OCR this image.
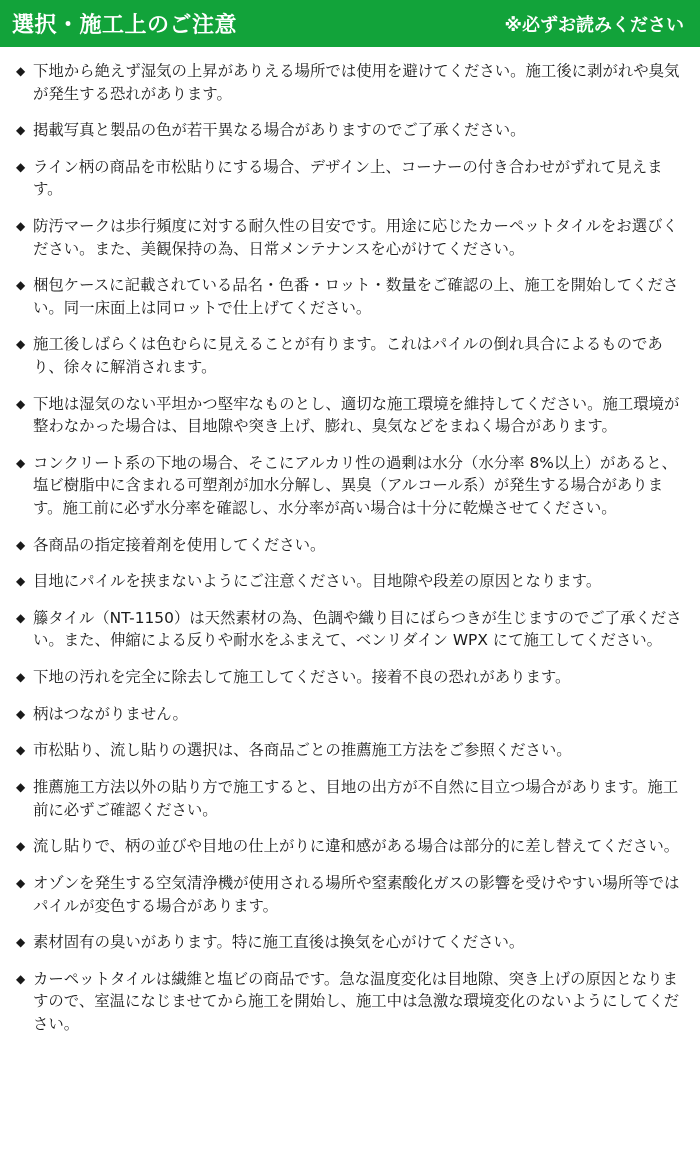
選択・施工上のご注意	※必ずお読みください
◆ 下地から絶えず湿気の上昇がありえる場所では使用を避けてください。施工後に剥がれや臭気が発生する恐れがあります。
◆ 掲載写真と製品の色が若干異なる場合がありますのでご了承ください。
◆ ライン柄の商品を市松貼りにする場合、デザイン上、コーナーの付き合わせがずれて見えます。
◆ 防汚マークは歩行頻度に対する耐久性の目安です。用途に応じたカーペットタイルをお選びください。また、美観保持の為、日常メンテナンスを心がけてください。
◆ 梱包ケースに記載されている品名・色番・ロット・数量をご確認の上、施工を開始してください。同一床面上は同ロットで仕上げてください。
◆ 施工後しばらくは色むらに見えることが有ります。これはパイルの倒れ具合によるものであり、徐々に解消されます。
◆ 下地は湿気のない平坦かつ堅牢なものとし、適切な施工環境を維持してください。施工環境が整わなかった場合は、目地隙や突き上げ、膨れ、臭気などをまねく場合があります。
◆ コンクリート系の下地の場合、そこにアルカリ性の過剰は水分（水分率 8%以上）があると、塩ビ樹脂中に含まれる可塑剤が加水分解し、異臭（アルコール系）が発生する場合があります。施工前に必ず水分率を確認し、水分率が高い場合は十分に乾燥させてください。
◆ 各商品の指定接着剤を使用してください。
◆ 目地にパイルを挟まないようにご注意ください。目地隙や段差の原因となります。
◆ 籐タイル（NT-1150）は天然素材の為、色調や織り目にばらつきが生じますのでご了承ください。また、伸縮による反りや耐水をふまえて、ベンリダイン WPX にて施工してください。
◆ 下地の汚れを完全に除去して施工してください。接着不良の恐れがあります。
◆ 柄はつながりません。
◆ 市松貼り、流し貼りの選択は、各商品ごとの推薦施工方法をご参照ください。
◆ 推薦施工方法以外の貼り方で施工すると、目地の出方が不自然に目立つ場合があります。施工前に必ずご確認ください。
◆ 流し貼りで、柄の並びや目地の仕上がりに違和感がある場合は部分的に差し替えてください。
◆ オゾンを発生する空気清浄機が使用される場所や窒素酸化ガスの影響を受けやすい場所等ではパイルが変色する場合があります。
◆ 素材固有の臭いがあります。特に施工直後は換気を心がけてください。
◆ カーペットタイルは繊維と塩ビの商品です。急な温度変化は目地隙、突き上げの原因となりますので、室温になじませてから施工を開始し、施工中は急激な環境変化のないようにしてください。
